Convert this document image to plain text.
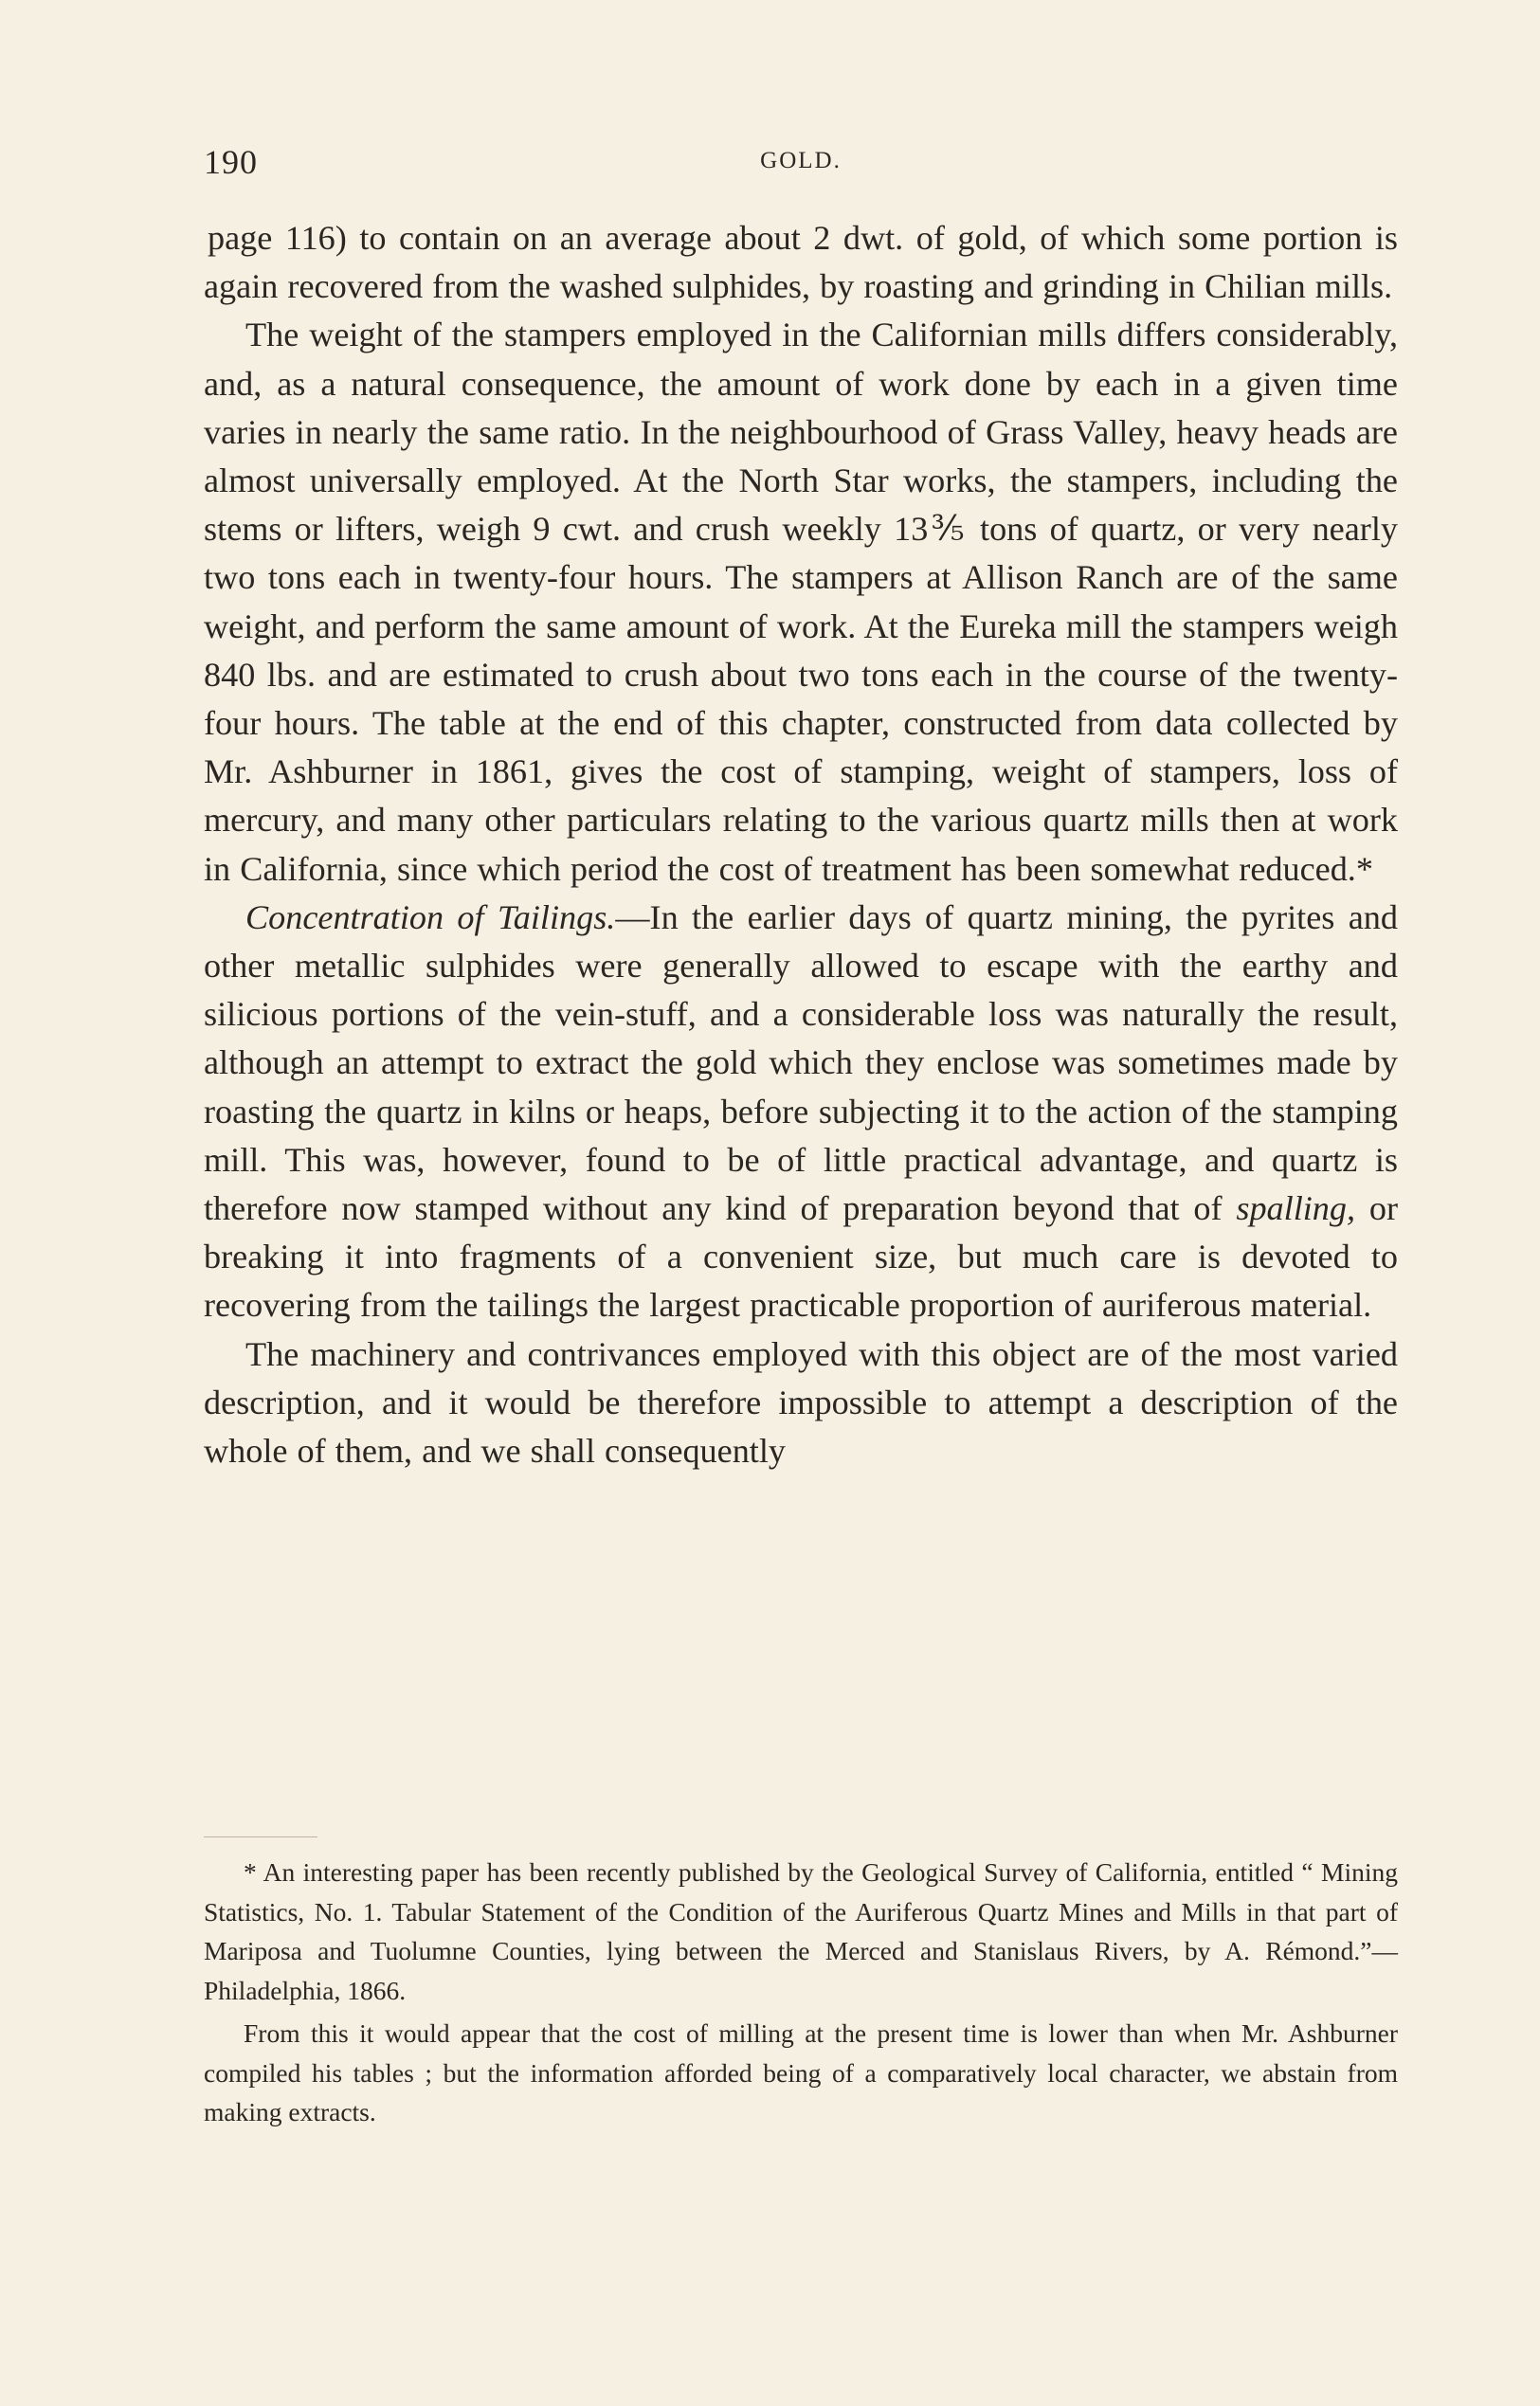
190	GOLD.

page 116) to contain on an average about 2 dwt. of gold, of which some portion is again recovered from the washed sulphides, by roasting and grinding in Chilian mills.

The weight of the stampers employed in the Californian mills differs considerably, and, as a natural consequence, the amount of work done by each in a given time varies in nearly the same ratio. In the neighbourhood of Grass Valley, heavy heads are almost universally employed. At the North Star works, the stampers, including the stems or lifters, weigh 9 cwt. and crush weekly 13⅗ tons of quartz, or very nearly two tons each in twenty-four hours. The stampers at Allison Ranch are of the same weight, and perform the same amount of work. At the Eureka mill the stampers weigh 840 lbs. and are estimated to crush about two tons each in the course of the twenty-four hours. The table at the end of this chapter, constructed from data collected by Mr. Ashburner in 1861, gives the cost of stamping, weight of stampers, loss of mercury, and many other particulars relating to the various quartz mills then at work in California, since which period the cost of treatment has been somewhat reduced.*

Concentration of Tailings.—In the earlier days of quartz mining, the pyrites and other metallic sulphides were generally allowed to escape with the earthy and silicious portions of the vein-stuff, and a considerable loss was naturally the result, although an attempt to extract the gold which they enclose was sometimes made by roasting the quartz in kilns or heaps, before subjecting it to the action of the stamping mill. This was, however, found to be of little practical advantage, and quartz is therefore now stamped without any kind of preparation beyond that of spalling, or breaking it into fragments of a convenient size, but much care is devoted to recovering from the tailings the largest practicable proportion of auriferous material.

The machinery and contrivances employed with this object are of the most varied description, and it would be therefore impossible to attempt a description of the whole of them, and we shall consequently

* An interesting paper has been recently published by the Geological Survey of California, entitled “ Mining Statistics, No. 1. Tabular Statement of the Condition of the Auriferous Quartz Mines and Mills in that part of Mariposa and Tuolumne Counties, lying between the Merced and Stanislaus Rivers, by A. Rémond.”—Philadelphia, 1866.

From this it would appear that the cost of milling at the present time is lower than when Mr. Ashburner compiled his tables ; but the information afforded being of a comparatively local character, we abstain from making extracts.
